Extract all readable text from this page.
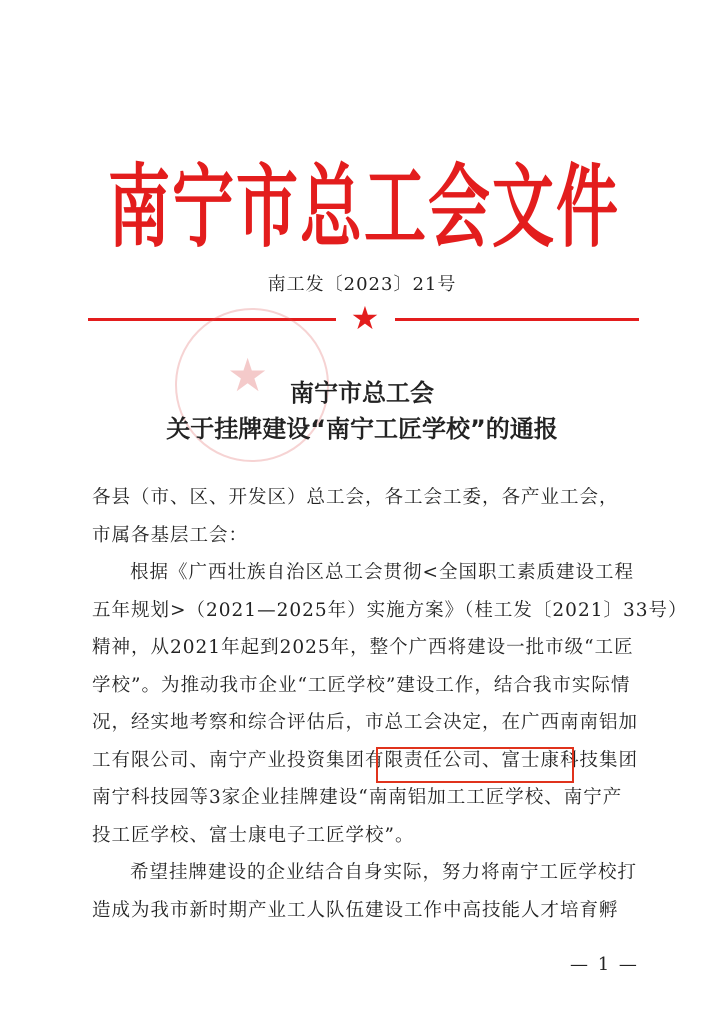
南宁市总工会文件
南工发〔2023〕21号
★
★ 南宁市总工会
关于挂牌建设“南宁工匠学校”的通报
各县（市、区、开发区）总工会，各工会工委，各产业工会，
市属各基层工会：
根据《广西壮族自治区总工会贯彻<全国职工素质建设工程
五年规划>（2021—2025年）实施方案》（桂工发〔2021〕33号）
精神，从2021年起到2025年，整个广西将建设一批市级“工匠
学校”。为推动我市企业“工匠学校”建设工作，结合我市实际情
况，经实地考察和综合评估后，市总工会决定，在广西南南铝加
工有限公司、南宁产业投资集团有限责任公司、富士康科技集团
南宁科技园等3家企业挂牌建设“南南铝加工工匠学校、南宁产
投工匠学校、富士康电子工匠学校”。
希望挂牌建设的企业结合自身实际，努力将南宁工匠学校打
造成为我市新时期产业工人队伍建设工作中高技能人才培育孵
— 1 —
